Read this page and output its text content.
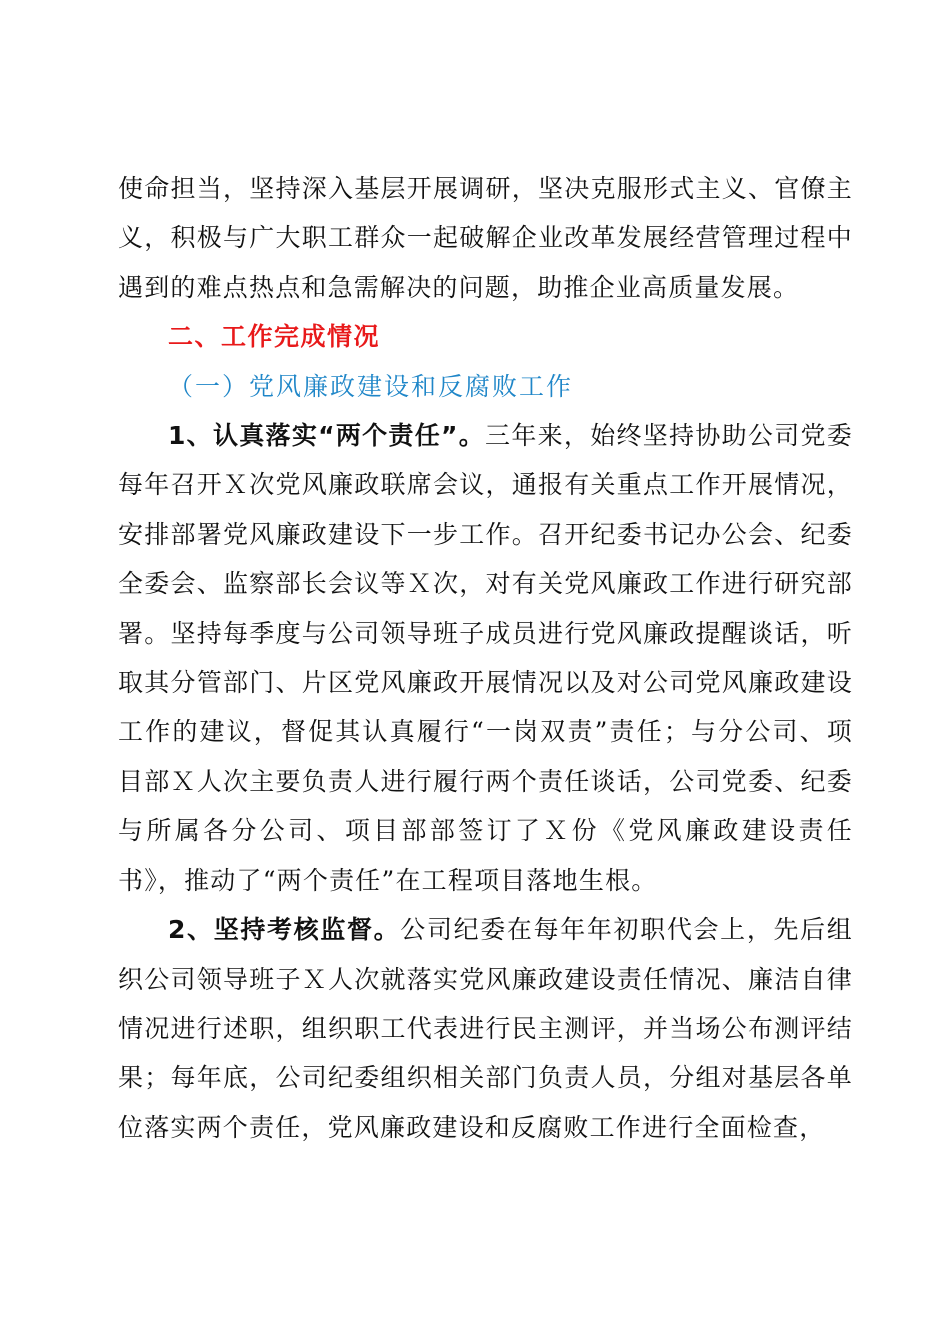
使命担当，坚持深入基层开展调研，坚决克服形式主义、官僚主义，积极与广大职工群众一起破解企业改革发展经营管理过程中遇到的难点热点和急需解决的问题，助推企业高质量发展。

二、工作完成情况

（一）党风廉政建设和反腐败工作

1、认真落实“两个责任”。三年来，始终坚持协助公司党委每年召开Ｘ次党风廉政联席会议，通报有关重点工作开展情况，安排部署党风廉政建设下一步工作。召开纪委书记办公会、纪委全委会、监察部长会议等Ｘ次，对有关党风廉政工作进行研究部署。坚持每季度与公司领导班子成员进行党风廉政提醒谈话，听取其分管部门、片区党风廉政开展情况以及对公司党风廉政建设工作的建议，督促其认真履行“一岗双责”责任；与分公司、项目部Ｘ人次主要负责人进行履行两个责任谈话，公司党委、纪委与所属各分公司、项目部部签订了Ｘ份《党风廉政建设责任书》，推动了“两个责任”在工程项目落地生根。

2、坚持考核监督。公司纪委在每年年初职代会上，先后组织公司领导班子Ｘ人次就落实党风廉政建设责任情况、廉洁自律情况进行述职，组织职工代表进行民主测评，并当场公布测评结果；每年底，公司纪委组织相关部门负责人员，分组对基层各单位落实两个责任，党风廉政建设和反腐败工作进行全面检查，
